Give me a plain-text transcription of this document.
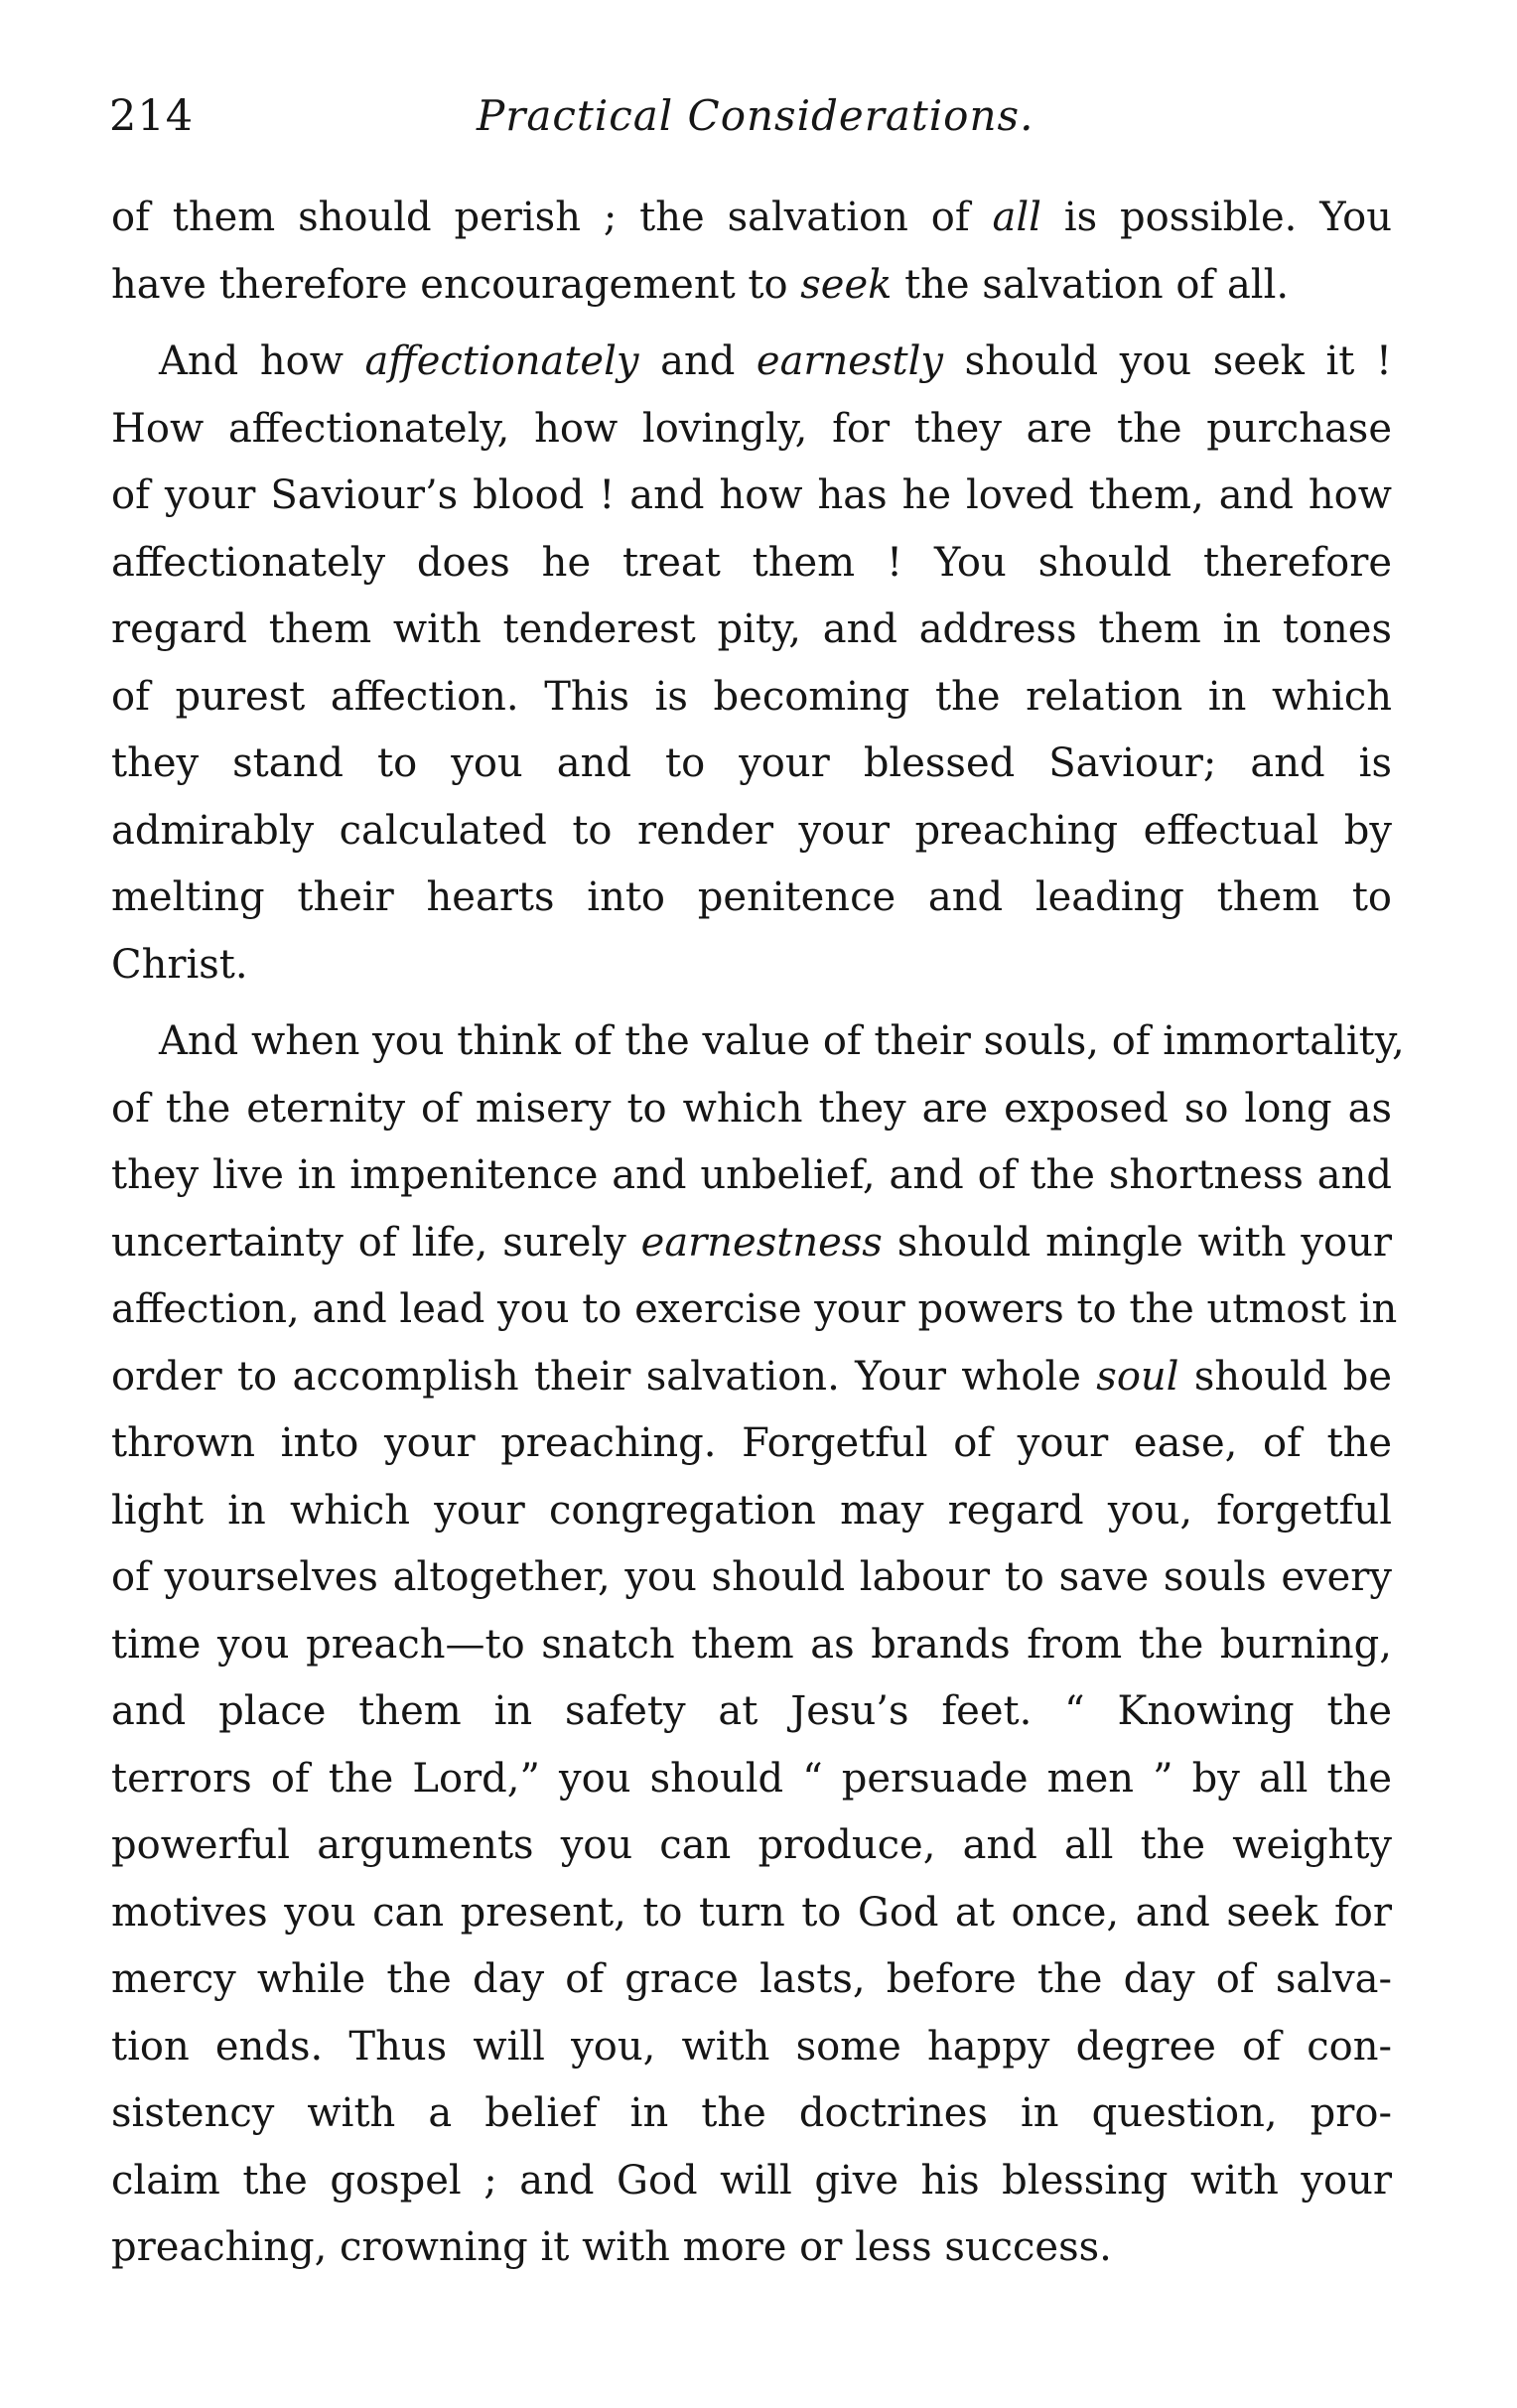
214	Practical Considerations.
of them should perish ; the salvation of all is possible. You
have therefore encouragement to seek the salvation of all.
And how affectionately and earnestly should you seek it !
How affectionately, how lovingly, for they are the purchase
of your Saviour’s blood ! and how has he loved them, and how
affectionately does he treat them ! You should therefore
regard them with tenderest pity, and address them in tones
of purest affection. This is becoming the relation in which
they stand to you and to your blessed Saviour; and is
admirably calculated to render your preaching effectual by
melting their hearts into penitence and leading them to
Christ.
And when you think of the value of their souls, of immortality,
of the eternity of misery to which they are exposed so long as
they live in impenitence and unbelief, and of the shortness and
uncertainty of life, surely earnestness should mingle with your
affection, and lead you to exercise your powers to the utmost in
order to accomplish their salvation. Your whole soul should be
thrown into your preaching. Forgetful of your ease, of the
light in which your congregation may regard you, forgetful
of yourselves altogether, you should labour to save souls every
time you preach—to snatch them as brands from the burning,
and place them in safety at Jesu’s feet. “ Knowing the
terrors of the Lord,” you should “ persuade men ” by all the
powerful arguments you can produce, and all the weighty
motives you can present, to turn to God at once, and seek for
mercy while the day of grace lasts, before the day of salva-
tion ends. Thus will you, with some happy degree of con-
sistency with a belief in the doctrines in question, pro-
claim the gospel ; and God will give his blessing with your
preaching, crowning it with more or less success.
